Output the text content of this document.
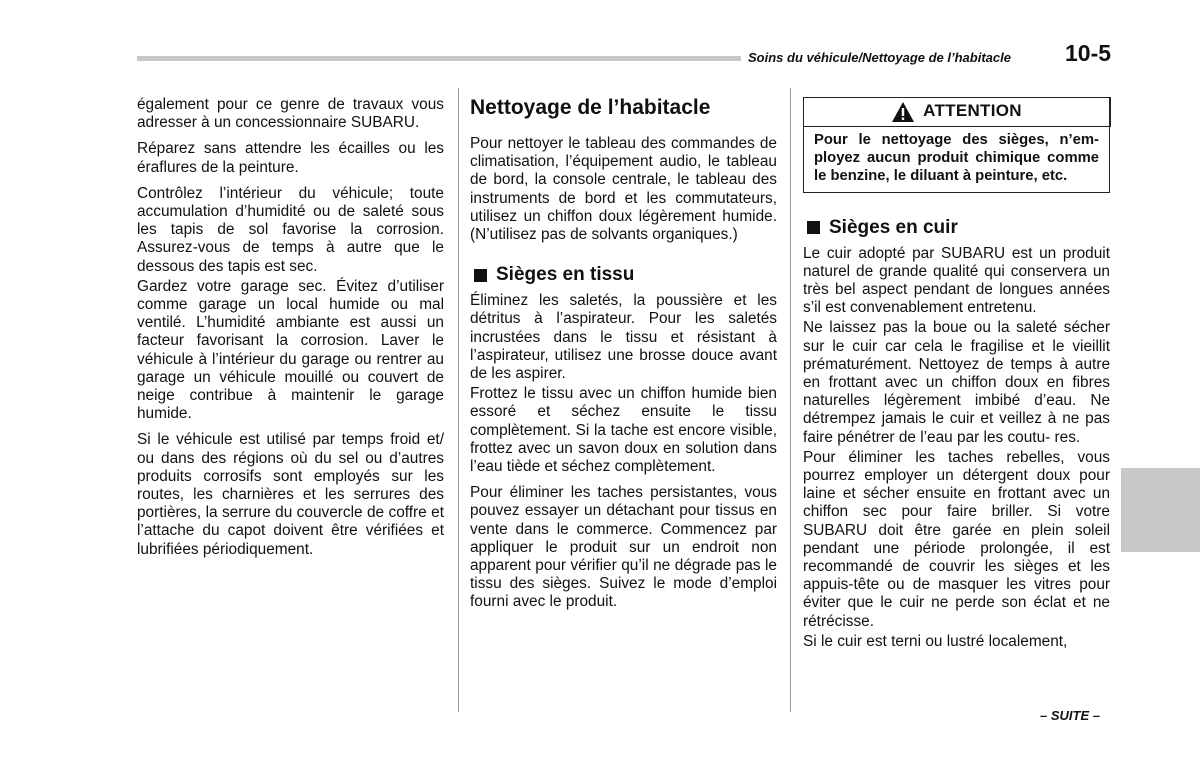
Soins du véhicule/Nettoyage de l’habitacle 10-5

également pour ce genre de travaux vous adresser à un concessionnaire SUBARU.

Réparez sans attendre les écailles ou les éraflures de la peinture.

Contrôlez l’intérieur du véhicule; toute accumulation d’humidité ou de saleté sous les tapis de sol favorise la corrosion. Assurez-vous de temps à autre que le dessous des tapis est sec.

Gardez votre garage sec. Évitez d’utiliser comme garage un local humide ou mal ventilé. L’humidité ambiante est aussi un facteur favorisant la corrosion. Laver le véhicule à l’intérieur du garage ou rentrer au garage un véhicule mouillé ou couvert de neige contribue à maintenir le garage humide.

Si le véhicule est utilisé par temps froid et/ ou dans des régions où du sel ou d’autres produits corrosifs sont employés sur les routes, les charnières et les serrures des portières, la serrure du couvercle de coffre et l’attache du capot doivent être vérifiées et lubrifiées périodiquement.

Nettoyage de l’habitacle

Pour nettoyer le tableau des commandes de climatisation, l’équipement audio, le tableau de bord, la console centrale, le tableau des instruments de bord et les commutateurs, utilisez un chiffon doux légèrement humide. (N’utilisez pas de solvants organiques.)

Sièges en tissu

Éliminez les saletés, la poussière et les détritus à l’aspirateur. Pour les saletés incrustées dans le tissu et résistant à l’aspirateur, utilisez une brosse douce avant de les aspirer.

Frottez le tissu avec un chiffon humide bien essoré et séchez ensuite le tissu complètement. Si la tache est encore visible, frottez avec un savon doux en solution dans l’eau tiède et séchez complètement.

Pour éliminer les taches persistantes, vous pouvez essayer un détachant pour tissus en vente dans le commerce. Commencez par appliquer le produit sur un endroit non apparent pour vérifier qu’il ne dégrade pas le tissu des sièges. Suivez le mode d’emploi fourni avec le produit.

ATTENTION
Pour le nettoyage des sièges, n’em- ployez aucun produit chimique comme le benzine, le diluant à peinture, etc.
Sièges en cuir

Le cuir adopté par SUBARU est un produit naturel de grande qualité qui conservera un très bel aspect pendant de longues années s’il est convenablement entretenu.

Ne laissez pas la boue ou la saleté sécher sur le cuir car cela le fragilise et le vieillit prématurément. Nettoyez de temps à autre en frottant avec un chiffon doux en fibres naturelles légèrement imbibé d’eau. Ne détrempez jamais le cuir et veillez à ne pas faire pénétrer de l’eau par les coutu- res.

Pour éliminer les taches rebelles, vous pourrez employer un détergent doux pour laine et sécher ensuite en frottant avec un chiffon sec pour faire briller. Si votre SUBARU doit être garée en plein soleil pendant une période prolongée, il est recommandé de couvrir les sièges et les appuis-tête ou de masquer les vitres pour éviter que le cuir ne perde son éclat et ne rétrécisse.

Si le cuir est terni ou lustré localement,

– SUITE –
